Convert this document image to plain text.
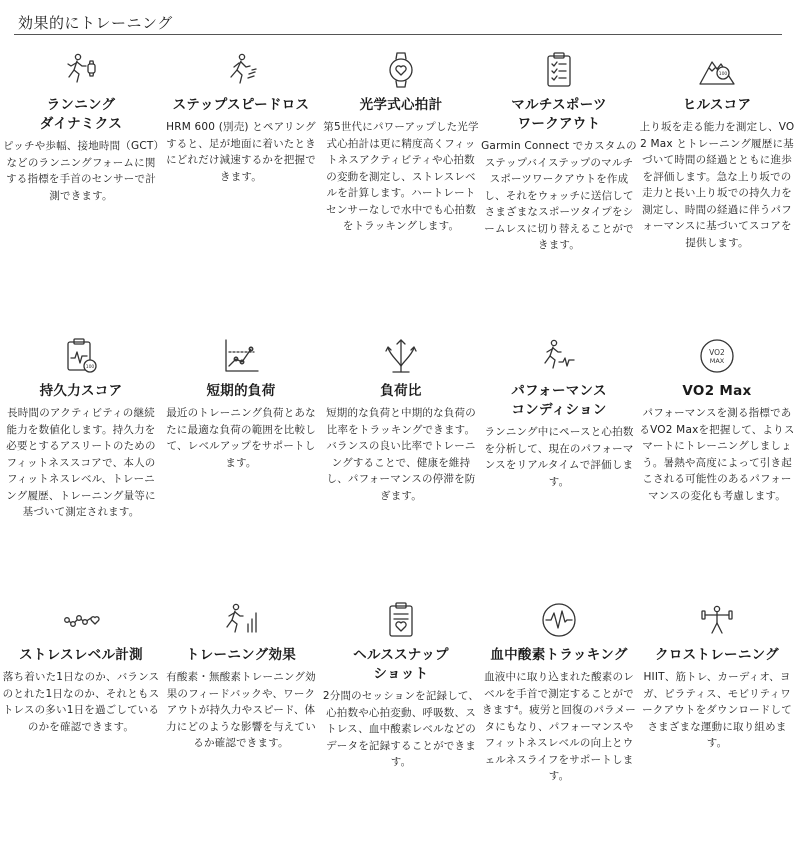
効果的にトレーニング
ランニング
ダイナミクス

ピッチや歩幅、接地時間（GCT）などのランニングフォームに関する指標を手首のセンサーで計測できます。

ステップスピードロス

HRM 600 (別売) とペアリングすると、足が地面に着いたときにどれだけ減速するかを把握できます。

光学式心拍計

第5世代にパワーアップした光学式心拍計は更に精度高くフィットネスアクティビティや心拍数の変動を測定し、ストレスレベルを計算します。ハートレートセンサーなしで水中でも心拍数をトラッキングします。

マルチスポーツ
ワークアウト

Garmin Connect でカスタムのステップバイステップのマルチスポーツワークアウトを作成し、それをウォッチに送信してさまざまなスポーツタイプをシームレスに切り替えることができます。

100
ヒルスコア

上り坂を走る能力を測定し、VO2 Max とトレーニング履歴に基づいて時間の経過とともに進歩を評価します。急な上り坂での走力と長い上り坂での持久力を測定し、時間の経過に伴うパフォーマンスに基づいてスコアを提供します。

100
持久力スコア

長時間のアクティビティの継続能力を数値化します。持久力を必要とするアスリートのためのフィットネススコアで、本人のフィットネスレベル、トレーニング履歴、トレーニング量等に基づいて測定されます。

短期的負荷

最近のトレーニング負荷とあなたに最適な負荷の範囲を比較して、レベルアップをサポートします。

負荷比

短期的な負荷と中期的な負荷の比率をトラッキングできます。バランスの良い比率でトレーニングすることで、健康を維持し、パフォーマンスの停滞を防ぎます。

パフォーマンス
コンディション

ランニング中にペースと心拍数を分析して、現在のパフォーマンスをリアルタイムで評価します。

VO2
MAX
VO2 Max

パフォーマンスを測る指標であるVO2 Maxを把握して、よりスマートにトレーニングしましょう。暑熱や高度によって引き起こされる可能性のあるパフォーマンスの変化も考慮します。

ストレスレベル計測

落ち着いた1日なのか、バランスのとれた1日なのか、それともストレスの多い1日を過ごしているのかを確認できます。

トレーニング効果

有酸素・無酸素トレーニング効果のフィードバックや、ワークアウトが持久力やスピード、体力にどのような影響を与えているか確認できます。

ヘルススナップ
ショット

2分間のセッションを記録して、心拍数や心拍変動、呼吸数、ストレス、血中酸素レベルなどのデータを記録することができます。

血中酸素トラッキング

血液中に取り込まれた酸素のレベルを手首で測定することができます⁴。疲労と回復のパラメータにもなり、パフォーマンスやフィットネスレベルの向上とウェルネスライフをサポートします。

クロストレーニング

HIIT、筋トレ、カーディオ、ヨガ、ピラティス、モビリティワークアウトをダウンロードしてさまざまな運動に取り組めます。
